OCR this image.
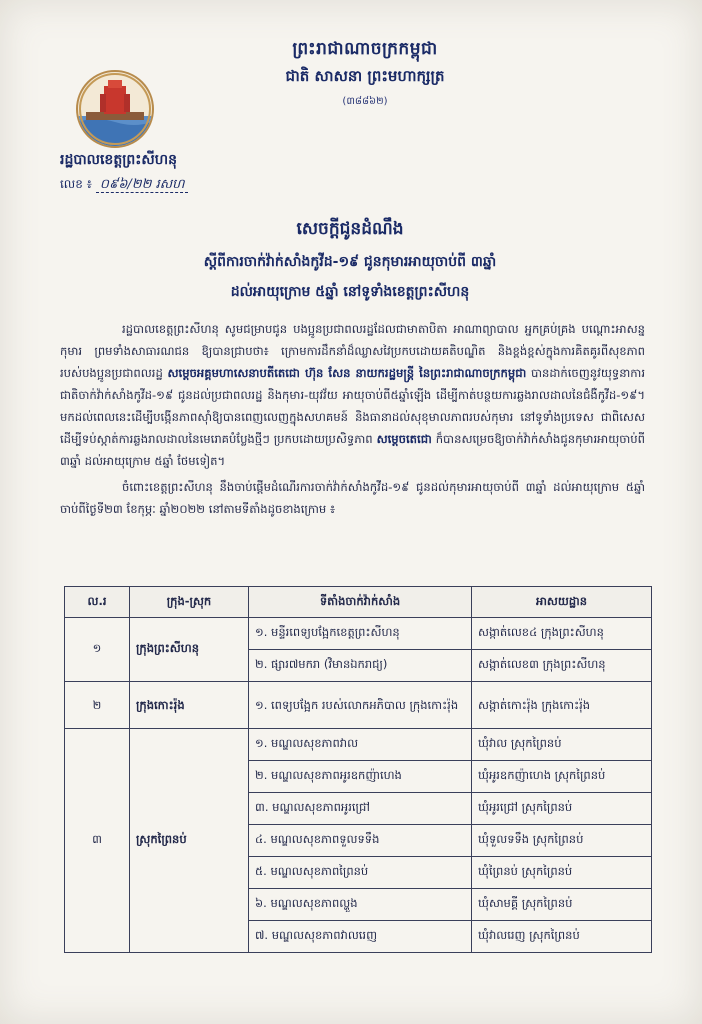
ព្រះរាជាណាចក្រកម្ពុជា
ជាតិ សាសនា ព្រះមហាក្សត្រ
(៣៨៨៦២)
រដ្ឋបាលខេត្តព្រះសីហនុ
លេខ ៖ ០៩៦/២២ រសហ
សេចក្ដីជូនដំណឹង
ស្ដីពីការចាក់វ៉ាក់សាំងកូវីដ-១៩ ជូនកុមារអាយុចាប់ពី ៣ឆ្នាំ
ដល់អាយុក្រោម ៥ឆ្នាំ នៅទូទាំងខេត្តព្រះសីហនុ

រដ្ឋបាលខេត្តព្រះសីហនុ សូមជម្រាបជូន បងប្អូនប្រជាពលរដ្ឋដែលជាមាតាបិតា អាណាព្យាបាល អ្នកគ្រប់គ្រង បណ្ដោះអាសន្នកុមារ ព្រមទាំងសាធារណជន ឱ្យបានជ្រាបថា៖ ក្រោមការដឹកនាំដ៏ឈ្លាសវៃប្រកបដោយគតិបណ្ឌិត និងខ្ពង់ខ្ពស់ក្នុងការគិតគូរពីសុខភាពរបស់បងប្អូនប្រជាពលរដ្ឋ សម្តេចអគ្គមហាសេនាបតីតេជោ ហ៊ុន សែន នាយករដ្ឋមន្ត្រី នៃព្រះរាជាណាចក្រកម្ពុជា បានដាក់ចេញនូវយុទ្ធនាការជាតិចាក់វ៉ាក់សាំងកូវីដ-១៩ ជូនដល់ប្រជាពលរដ្ឋ និងកុមារ-យុវវ័យ អាយុចាប់ពី៥ឆ្នាំឡើង ដើម្បីកាត់បន្ថយការឆ្លងរាលដាលនៃជំងឺកូវីដ-១៩។ មកដល់ពេលនេះដើម្បីបង្កើនភាពស៊ាំឱ្យបានពេញលេញក្នុងសហគមន៍ និងធានាដល់សុខុមាលភាពរបស់កុមារ នៅទូទាំងប្រទេស ជាពិសេសដើម្បីទប់ស្កាត់ការឆ្លងរាលដាលនៃមេរោគបំប្លែងថ្មីៗ ប្រកបដោយប្រសិទ្ធភាព សម្តេចតេជោ ក៏បានសម្រេចឱ្យចាក់វ៉ាក់សាំងជូនកុមារអាយុចាប់ពី ៣ឆ្នាំ ដល់អាយុក្រោម ៥ឆ្នាំ ថែមទៀត។

ចំពោះខេត្តព្រះសីហនុ នឹងចាប់ផ្ដើមដំណើរការចាក់វ៉ាក់សាំងកូវីដ-១៩ ជូនដល់កុមារអាយុចាប់ពី ៣ឆ្នាំ ដល់អាយុក្រោម ៥ឆ្នាំ ចាប់ពីថ្ងៃទី២៣ ខែកុម្ភៈ ឆ្នាំ២០២២ នៅតាមទីតាំងដូចខាងក្រោម ៖

ល.រ	ក្រុង-ស្រុក	ទីតាំងចាក់វ៉ាក់សាំង	អាសយដ្ឋាន
១	ក្រុងព្រះសីហនុ	១. មន្ទីរពេទ្យបង្អែកខេត្តព្រះសីហនុ	សង្កាត់លេខ៤ ក្រុងព្រះសីហនុ
		២. ផ្សារ៧មករា (វិមានឯករាជ្យ)	សង្កាត់លេខ៣ ក្រុងព្រះសីហនុ
២	ក្រុងកោះរ៉ុង	១. ពេទ្យបង្អែក របស់លោកអភិបាល ក្រុងកោះរ៉ុង	សង្កាត់កោះរ៉ុង ក្រុងកោះរ៉ុង
៣	ស្រុកព្រៃនប់	១. មណ្ឌលសុខភាពវាល	ឃុំវាល ស្រុកព្រៃនប់
		២. មណ្ឌលសុខភាពអូរឧកញ៉ាហេង	ឃុំអូរឧកញ៉ាហេង ស្រុកព្រៃនប់
		៣. មណ្ឌលសុខភាពអូរជ្រៅ	ឃុំអូរជ្រៅ ស្រុកព្រៃនប់
		៤. មណ្ឌលសុខភាពទួលទទឹង	ឃុំទួលទទឹង ស្រុកព្រៃនប់
		៥. មណ្ឌលសុខភាពព្រៃនប់	ឃុំព្រៃនប់ ស្រុកព្រៃនប់
		៦. មណ្ឌលសុខភាពល្ហួង	ឃុំសាមគ្គី ស្រុកព្រៃនប់
		៧. មណ្ឌលសុខភាពវាលរេញ	ឃុំវាលរេញ ស្រុកព្រៃនប់
